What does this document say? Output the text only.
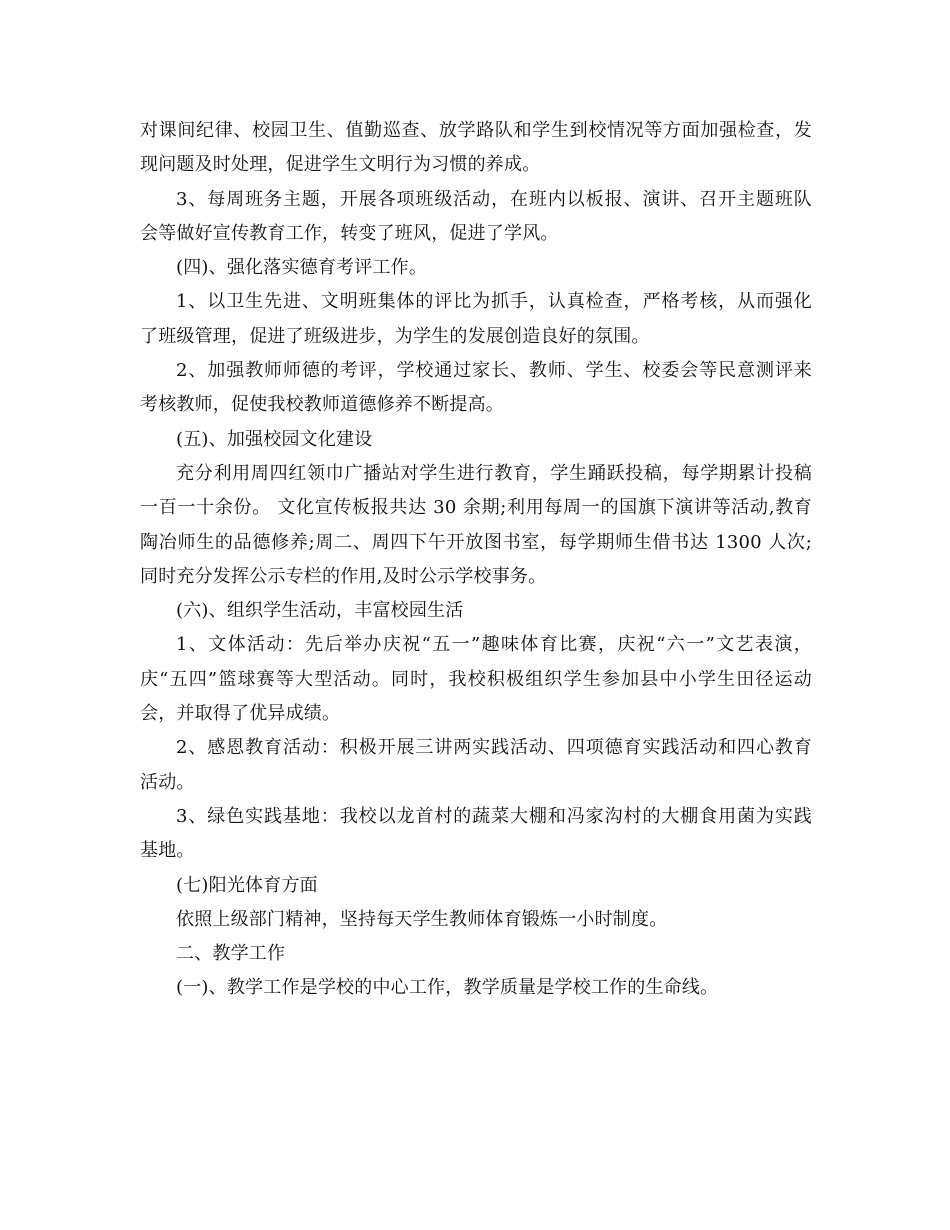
对课间纪律、校园卫生、值勤巡查、放学路队和学生到校情况等方面加强检查，发
现问题及时处理，促进学生文明行为习惯的养成。
3、每周班务主题，开展各项班级活动，在班内以板报、演讲、召开主题班队
会等做好宣传教育工作，转变了班风，促进了学风。
(四)、强化落实德育考评工作。
1、以卫生先进、文明班集体的评比为抓手，认真检查，严格考核，从而强化
了班级管理，促进了班级进步，为学生的发展创造良好的氛围。
2、加强教师师德的考评，学校通过家长、教师、学生、校委会等民意测评来
考核教师，促使我校教师道德修养不断提高。
(五)、加强校园文化建设
充分利用周四红领巾广播站对学生进行教育，学生踊跃投稿，每学期累计投稿
一百一十余份。 文化宣传板报共达 30 余期;利用每周一的国旗下演讲等活动,教育
陶冶师生的品德修养;周二、周四下午开放图书室，每学期师生借书达 1300 人次;
同时充分发挥公示专栏的作用,及时公示学校事务。
(六)、组织学生活动，丰富校园生活
1、文体活动：先后举办庆祝“五一”趣味体育比赛，庆祝“六一”文艺表演，
庆“五四”篮球赛等大型活动。同时，我校积极组织学生参加县中小学生田径运动
会，并取得了优异成绩。
2、感恩教育活动：积极开展三讲两实践活动、四项德育实践活动和四心教育
活动。
3、绿色实践基地：我校以龙首村的蔬菜大棚和冯家沟村的大棚食用菌为实践
基地。
(七)阳光体育方面
依照上级部门精神，坚持每天学生教师体育锻炼一小时制度。
二、教学工作
(一)、教学工作是学校的中心工作，教学质量是学校工作的生命线。
